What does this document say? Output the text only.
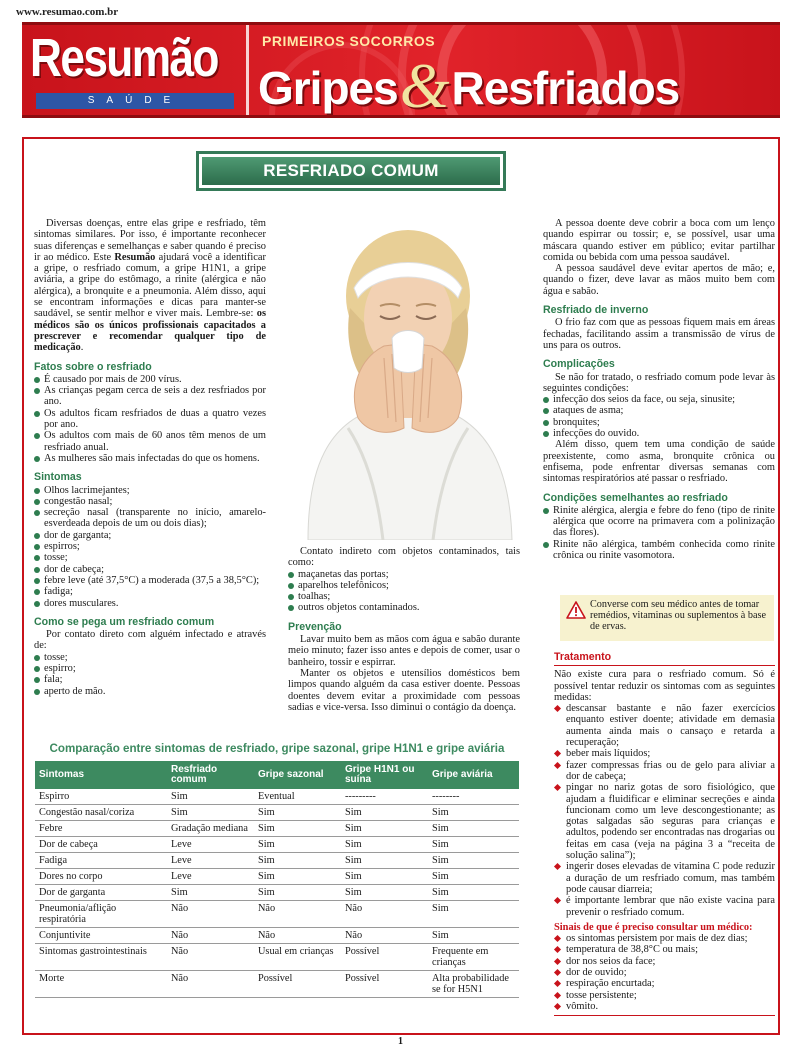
www.resumao.com.br
Resumão
SAÚDE
PRIMEIROS SOCORROS
Gripes & Resfriados
RESFRIADO COMUM

Diversas doenças, entre elas gripe e resfriado, têm sintomas similares. Por isso, é importante reconhecer suas diferenças e semelhanças e saber quando é preciso ir ao médico. Este Resumão ajudará você a identificar a gripe, o resfriado comum, a gripe H1N1, a gripe aviária, a gripe do estômago, a rinite (alérgica e não alérgica), a bronquite e a pneumonia. Além disso, aqui se encontram informações e dicas para manter-se saudável, se sentir melhor e viver mais. Lembre-se: os médicos são os únicos profissionais capacitados a prescrever e recomendar qualquer tipo de medicação.

Fatos sobre o resfriado
É causado por mais de 200 vírus.
As crianças pegam cerca de seis a dez resfriados por ano.
Os adultos ficam resfriados de duas a quatro vezes por ano.
Os adultos com mais de 60 anos têm menos de um resfriado anual.
As mulheres são mais infectadas do que os homens.
Sintomas
Olhos lacrimejantes;
congestão nasal;
secreção nasal (transparente no início, amarelo-esverdeada depois de um ou dois dias);
dor de garganta;
espirros;
tosse;
dor de cabeça;
febre leve (até 37,5°C) a moderada (37,5 a 38,5°C);
fadiga;
dores musculares.
Como se pega um resfriado comum

Por contato direto com alguém infectado e através de:

tosse;
espirro;
fala;
aperto de mão.

Contato indireto com objetos contaminados, tais como:

maçanetas das portas;
aparelhos telefônicos;
toalhas;
outros objetos contaminados.
Prevenção

Lavar muito bem as mãos com água e sabão durante meio minuto; fazer isso antes e depois de comer, usar o banheiro, tossir e espirrar.

Manter os objetos e utensílios domésticos bem limpos quando alguém da casa estiver doente. Pessoas doentes devem evitar a proximidade com pessoas sadias e vice-versa. Isso diminui o contágio da doença.

A pessoa doente deve cobrir a boca com um lenço quando espirrar ou tossir; e, se possível, usar uma máscara quando estiver em público; evitar partilhar comida ou bebida com uma pessoa saudável.

A pessoa saudável deve evitar apertos de mão; e, quando o fizer, deve lavar as mãos muito bem com água e sabão.

Resfriado de inverno

O frio faz com que as pessoas fiquem mais em áreas fechadas, facilitando assim a transmissão de vírus de uns para os outros.

Complicações

Se não for tratado, o resfriado comum pode levar às seguintes condições:

infecção dos seios da face, ou seja, sinusite;
ataques de asma;
bronquites;
infecções do ouvido.

Além disso, quem tem uma condição de saúde preexistente, como asma, bronquite crônica ou enfisema, pode enfrentar diversas semanas com sintomas respiratórios até passar o resfriado.

Condições semelhantes ao resfriado
Rinite alérgica, alergia e febre do feno (tipo de rinite alérgica que ocorre na primavera com a polinização das flores).
Rinite não alérgica, também conhecida como rinite crônica ou rinite vasomotora.
Converse com seu médico antes de tomar remédios, vitaminas ou suplementos à base de ervas.
Tratamento

Não existe cura para o resfriado comum. Só é possível tentar reduzir os sintomas com as seguintes medidas:

descansar bastante e não fazer exercícios enquanto estiver doente; atividade em demasia aumenta ainda mais o cansaço e retarda a recuperação;
beber mais líquidos;
fazer compressas frias ou de gelo para aliviar a dor de cabeça;
pingar no nariz gotas de soro fisiológico, que ajudam a fluidificar e eliminar secreções e ainda funcionam como um leve descongestionante; as gotas salgadas são seguras para crianças e adultos, podendo ser encontradas nas drogarias ou feitas em casa (veja na página 3 a “receita de solução salina”);
ingerir doses elevadas de vitamina C pode reduzir a duração de um resfriado comum, mas também pode causar diarreia;
é importante lembrar que não existe vacina para prevenir o resfriado comum.
Sinais de que é preciso consultar um médico:
os sintomas persistem por mais de dez dias;
temperatura de 38,8°C ou mais;
dor nos seios da face;
dor de ouvido;
respiração encurtada;
tosse persistente;
vômito.
Comparação entre sintomas de resfriado, gripe sazonal, gripe H1N1 e gripe aviária
Sintomas	Resfriado comum	Gripe sazonal	Gripe H1N1 ou suína	Gripe aviária
Espirro	Sim	Eventual	---------	--------
Congestão nasal/coriza	Sim	Sim	Sim	Sim
Febre	Gradação mediana	Sim	Sim	Sim
Dor de cabeça	Leve	Sim	Sim	Sim
Fadiga	Leve	Sim	Sim	Sim
Dores no corpo	Leve	Sim	Sim	Sim
Dor de garganta	Sim	Sim	Sim	Sim
Pneumonia/aflição respiratória	Não	Não	Não	Sim
Conjuntivite	Não	Não	Não	Sim
Sintomas gastrointestinais	Não	Usual em crianças	Possível	Frequente em crianças
Morte	Não	Possível	Possível	Alta probabilidade se for H5N1
1
